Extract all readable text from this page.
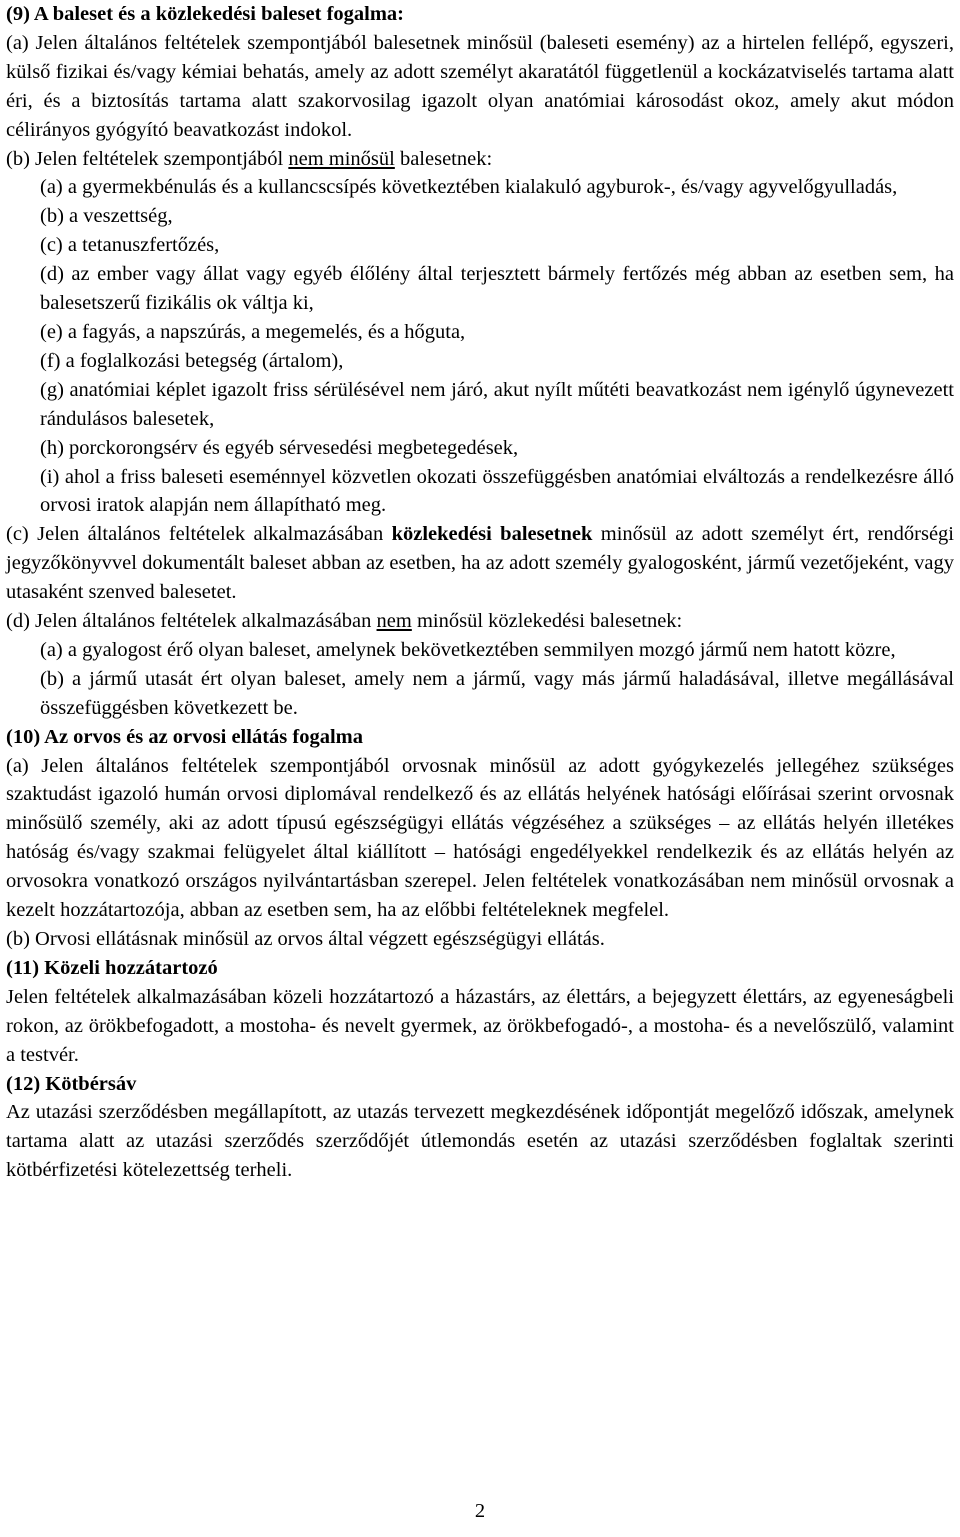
(9) A baleset és a közlekedési baleset fogalma:

(a) Jelen általános feltételek szempontjából balesetnek minősül (baleseti esemény) az a hirtelen fellépő, egyszeri, külső fizikai és/vagy kémiai behatás, amely az adott személyt akaratától függetlenül a kockázatviselés tartama alatt éri, és a biztosítás tartama alatt szakorvosilag igazolt olyan anatómiai károsodást okoz, amely akut módon célirányos gyógyító beavatkozást indokol.

(b) Jelen feltételek szempontjából nem minősül balesetnek:

(a) a gyermekbénulás és a kullancscsípés következtében kialakuló agyburok-, és/vagy agyvelőgyulladás,

(b) a veszettség,

(c) a tetanuszfertőzés,

(d) az ember vagy állat vagy egyéb élőlény által terjesztett bármely fertőzés még abban az esetben sem, ha balesetszerű fizikális ok váltja ki,

(e) a fagyás, a napszúrás, a megemelés, és a hőguta,

(f) a foglalkozási betegség (ártalom),

(g) anatómiai képlet igazolt friss sérülésével nem járó, akut nyílt műtéti beavatkozást nem igénylő úgynevezett rándulásos balesetek,

(h) porckorongsérv és egyéb sérvesedési megbetegedések,

(i) ahol a friss baleseti eseménnyel közvetlen okozati összefüggésben anatómiai elváltozás a rendelkezésre álló orvosi iratok alapján nem állapítható meg.

(c) Jelen általános feltételek alkalmazásában közlekedési balesetnek minősül az adott személyt ért, rendőrségi jegyzőkönyvvel dokumentált baleset abban az esetben, ha az adott személy gyalogosként, jármű vezetőjeként, vagy utasaként szenved balesetet.

(d) Jelen általános feltételek alkalmazásában nem minősül közlekedési balesetnek:

(a) a gyalogost érő olyan baleset, amelynek bekövetkeztében semmilyen mozgó jármű nem hatott közre,

(b) a jármű utasát ért olyan baleset, amely nem a jármű, vagy más jármű haladásával, illetve megállásával összefüggésben következett be.

(10) Az orvos és az orvosi ellátás fogalma

(a) Jelen általános feltételek szempontjából orvosnak minősül az adott gyógykezelés jellegéhez szükséges szaktudást igazoló humán orvosi diplomával rendelkező és az ellátás helyének hatósági előírásai szerint orvosnak minősülő személy, aki az adott típusú egészségügyi ellátás végzéséhez a szükséges – az ellátás helyén illetékes hatóság és/vagy szakmai felügyelet által kiállított – hatósági engedélyekkel rendelkezik és az ellátás helyén az orvosokra vonatkozó országos nyilvántartásban szerepel. Jelen feltételek vonatkozásában nem minősül orvosnak a kezelt hozzátartozója, abban az esetben sem, ha az előbbi feltételeknek megfelel.

(b) Orvosi ellátásnak minősül az orvos által végzett egészségügyi ellátás.

(11) Közeli hozzátartozó

Jelen feltételek alkalmazásában közeli hozzátartozó a házastárs, az élettárs, a bejegyzett élettárs, az egyeneságbeli rokon, az örökbefogadott, a mostoha- és nevelt gyermek, az örökbefogadó-, a mostoha- és a nevelőszülő, valamint a testvér.

(12) Kötbérsáv

Az utazási szerződésben megállapított, az utazás tervezett megkezdésének időpontját megelőző időszak, amelynek tartama alatt az utazási szerződés szerződőjét útlemondás esetén az utazási szerződésben foglaltak szerinti kötbérfizetési kötelezettség terheli.

2
